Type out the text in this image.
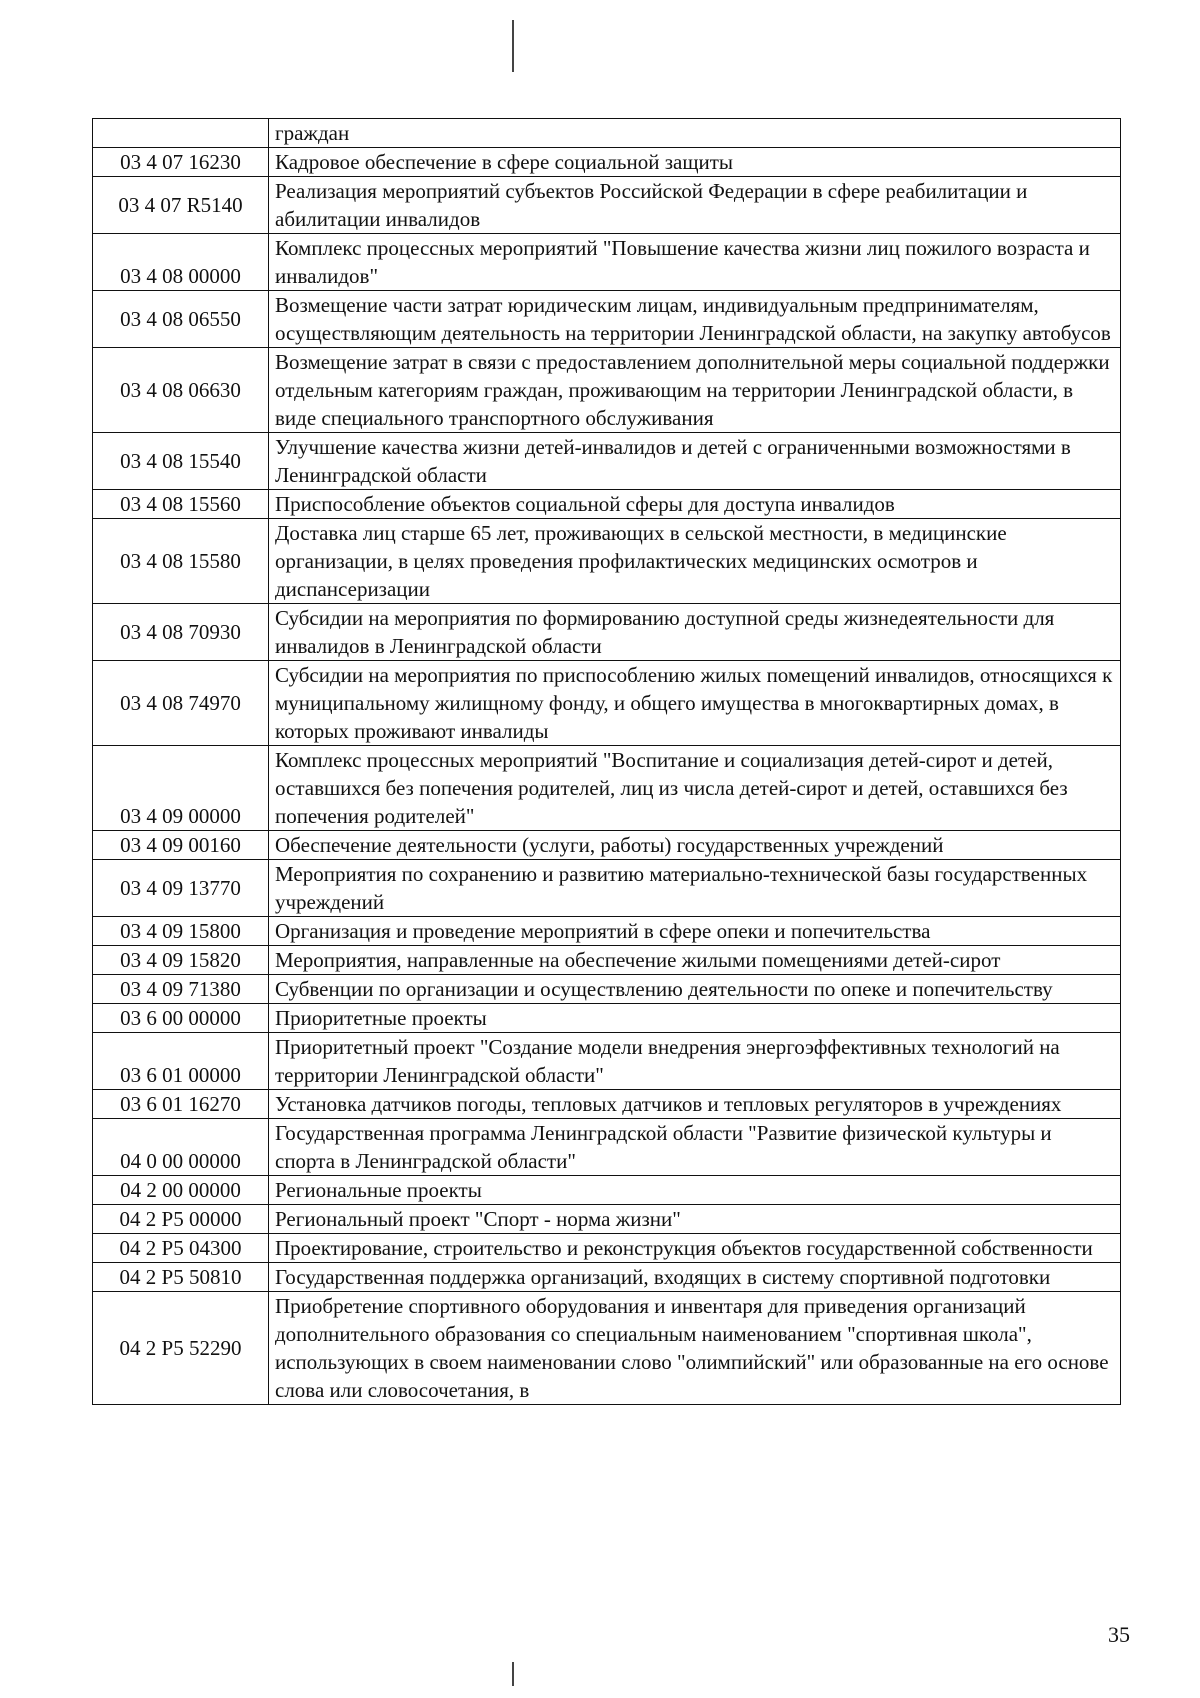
	граждан
03 4 07 16230	Кадровое обеспечение в сфере социальной защиты
03 4 07 R5140	Реализация мероприятий субъектов Российской Федерации в сфере реабилитации и абилитации инвалидов
03 4 08 00000	Комплекс процессных мероприятий "Повышение качества жизни лиц пожилого возраста и инвалидов"
03 4 08 06550	Возмещение части затрат юридическим лицам, индивидуальным предпринимателям, осуществляющим деятельность на территории Ленинградской области, на закупку автобусов
03 4 08 06630	Возмещение затрат в связи с предоставлением дополнительной меры социальной поддержки отдельным категориям граждан, проживающим на территории Ленинградской области, в виде специального транспортного обслуживания
03 4 08 15540	Улучшение качества жизни детей-инвалидов и детей с ограниченными возможностями в Ленинградской области
03 4 08 15560	Приспособление объектов социальной сферы для доступа инвалидов
03 4 08 15580	Доставка лиц старше 65 лет, проживающих в сельской местности, в медицинские организации, в целях проведения профилактических медицинских осмотров и диспансеризации
03 4 08 70930	Субсидии на мероприятия по формированию доступной среды жизнедеятельности для инвалидов в Ленинградской области
03 4 08 74970	Субсидии на мероприятия по приспособлению жилых помещений инвалидов, относящихся к муниципальному жилищному фонду, и общего имущества в многоквартирных домах, в которых проживают инвалиды
03 4 09 00000	Комплекс процессных мероприятий "Воспитание и социализация детей-сирот и детей, оставшихся без попечения родителей, лиц из числа детей-сирот и детей, оставшихся без попечения родителей"
03 4 09 00160	Обеспечение деятельности (услуги, работы) государственных учреждений
03 4 09 13770	Мероприятия по сохранению и развитию материально-технической базы государственных учреждений
03 4 09 15800	Организация и проведение мероприятий в сфере опеки и попечительства
03 4 09 15820	Мероприятия, направленные на обеспечение жилыми помещениями детей-сирот
03 4 09 71380	Субвенции по организации и осуществлению деятельности по опеке и попечительству
03 6 00 00000	Приоритетные проекты
03 6 01 00000	Приоритетный проект "Создание модели внедрения энергоэффективных технологий на территории Ленинградской области"
03 6 01 16270	Установка датчиков погоды, тепловых датчиков и тепловых регуляторов в учреждениях
04 0 00 00000	Государственная программа Ленинградской области "Развитие физической культуры и спорта в Ленинградской области"
04 2 00 00000	Региональные проекты
04 2 P5 00000	Региональный проект "Спорт - норма жизни"
04 2 P5 04300	Проектирование, строительство и реконструкция объектов государственной собственности
04 2 P5 50810	Государственная поддержка организаций, входящих в систему спортивной подготовки
04 2 P5 52290	Приобретение спортивного оборудования и инвентаря для приведения организаций дополнительного образования со специальным наименованием "спортивная школа", использующих в своем наименовании слово "олимпийский" или образованные на его основе слова или словосочетания, в
35
